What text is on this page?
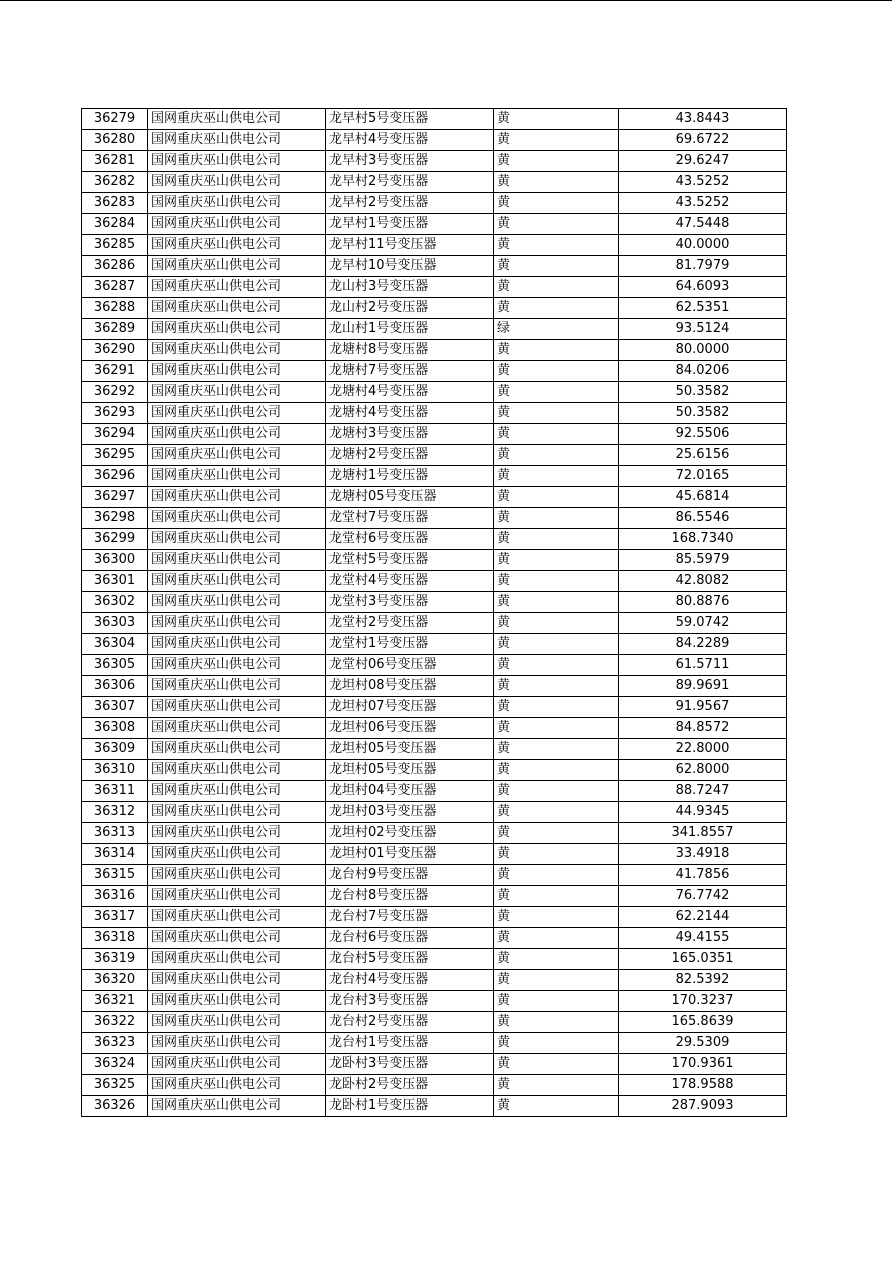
36279	国网重庆巫山供电公司	龙早村5号变压器	黄	43.8443
36280	国网重庆巫山供电公司	龙早村4号变压器	黄	69.6722
36281	国网重庆巫山供电公司	龙早村3号变压器	黄	29.6247
36282	国网重庆巫山供电公司	龙早村2号变压器	黄	43.5252
36283	国网重庆巫山供电公司	龙早村2号变压器	黄	43.5252
36284	国网重庆巫山供电公司	龙早村1号变压器	黄	47.5448
36285	国网重庆巫山供电公司	龙早村11号变压器	黄	40.0000
36286	国网重庆巫山供电公司	龙早村10号变压器	黄	81.7979
36287	国网重庆巫山供电公司	龙山村3号变压器	黄	64.6093
36288	国网重庆巫山供电公司	龙山村2号变压器	黄	62.5351
36289	国网重庆巫山供电公司	龙山村1号变压器	绿	93.5124
36290	国网重庆巫山供电公司	龙塘村8号变压器	黄	80.0000
36291	国网重庆巫山供电公司	龙塘村7号变压器	黄	84.0206
36292	国网重庆巫山供电公司	龙塘村4号变压器	黄	50.3582
36293	国网重庆巫山供电公司	龙塘村4号变压器	黄	50.3582
36294	国网重庆巫山供电公司	龙塘村3号变压器	黄	92.5506
36295	国网重庆巫山供电公司	龙塘村2号变压器	黄	25.6156
36296	国网重庆巫山供电公司	龙塘村1号变压器	黄	72.0165
36297	国网重庆巫山供电公司	龙塘村05号变压器	黄	45.6814
36298	国网重庆巫山供电公司	龙堂村7号变压器	黄	86.5546
36299	国网重庆巫山供电公司	龙堂村6号变压器	黄	168.7340
36300	国网重庆巫山供电公司	龙堂村5号变压器	黄	85.5979
36301	国网重庆巫山供电公司	龙堂村4号变压器	黄	42.8082
36302	国网重庆巫山供电公司	龙堂村3号变压器	黄	80.8876
36303	国网重庆巫山供电公司	龙堂村2号变压器	黄	59.0742
36304	国网重庆巫山供电公司	龙堂村1号变压器	黄	84.2289
36305	国网重庆巫山供电公司	龙堂村06号变压器	黄	61.5711
36306	国网重庆巫山供电公司	龙坦村08号变压器	黄	89.9691
36307	国网重庆巫山供电公司	龙坦村07号变压器	黄	91.9567
36308	国网重庆巫山供电公司	龙坦村06号变压器	黄	84.8572
36309	国网重庆巫山供电公司	龙坦村05号变压器	黄	22.8000
36310	国网重庆巫山供电公司	龙坦村05号变压器	黄	62.8000
36311	国网重庆巫山供电公司	龙坦村04号变压器	黄	88.7247
36312	国网重庆巫山供电公司	龙坦村03号变压器	黄	44.9345
36313	国网重庆巫山供电公司	龙坦村02号变压器	黄	341.8557
36314	国网重庆巫山供电公司	龙坦村01号变压器	黄	33.4918
36315	国网重庆巫山供电公司	龙台村9号变压器	黄	41.7856
36316	国网重庆巫山供电公司	龙台村8号变压器	黄	76.7742
36317	国网重庆巫山供电公司	龙台村7号变压器	黄	62.2144
36318	国网重庆巫山供电公司	龙台村6号变压器	黄	49.4155
36319	国网重庆巫山供电公司	龙台村5号变压器	黄	165.0351
36320	国网重庆巫山供电公司	龙台村4号变压器	黄	82.5392
36321	国网重庆巫山供电公司	龙台村3号变压器	黄	170.3237
36322	国网重庆巫山供电公司	龙台村2号变压器	黄	165.8639
36323	国网重庆巫山供电公司	龙台村1号变压器	黄	29.5309
36324	国网重庆巫山供电公司	龙卧村3号变压器	黄	170.9361
36325	国网重庆巫山供电公司	龙卧村2号变压器	黄	178.9588
36326	国网重庆巫山供电公司	龙卧村1号变压器	黄	287.9093
